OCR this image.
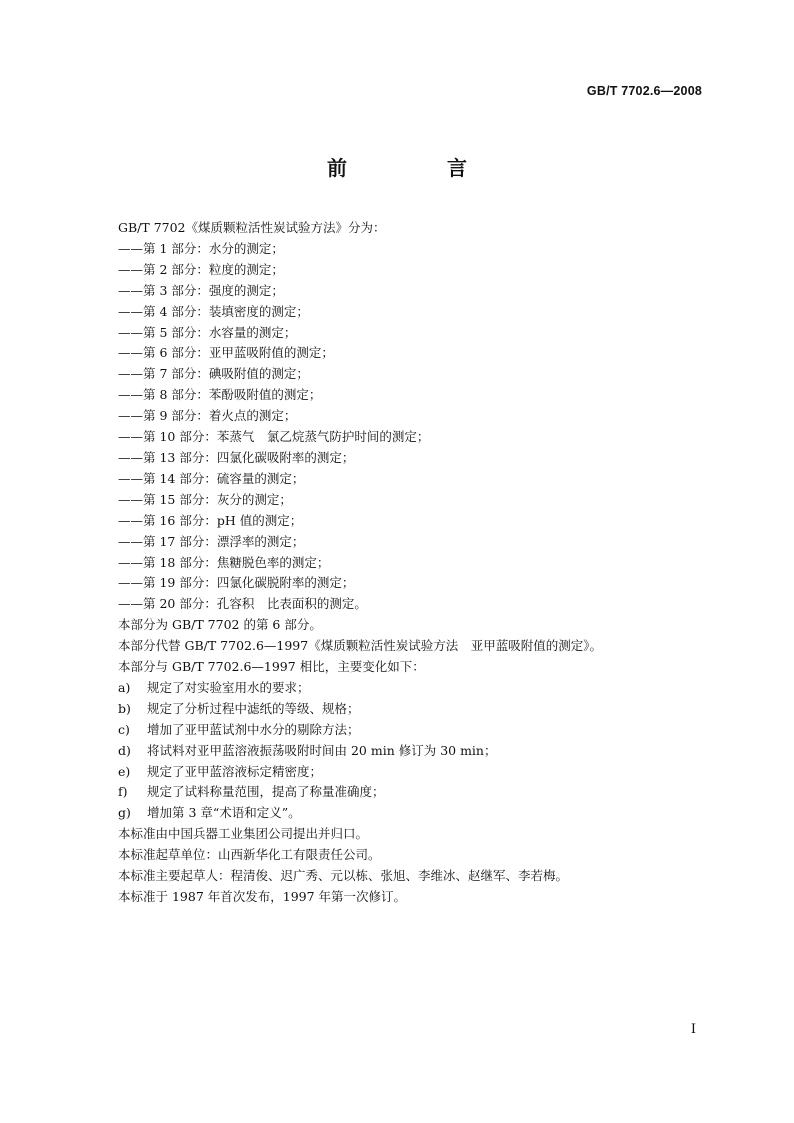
GB/T 7702.6—2008
前　言
GB/T 7702《煤质颗粒活性炭试验方法》分为：
——第 1 部分：水分的测定；
——第 2 部分：粒度的测定；
——第 3 部分：强度的测定；
——第 4 部分：装填密度的测定；
——第 5 部分：水容量的测定；
——第 6 部分：亚甲蓝吸附值的测定；
——第 7 部分：碘吸附值的测定；
——第 8 部分：苯酚吸附值的测定；
——第 9 部分：着火点的测定；
——第 10 部分：苯蒸气　氯乙烷蒸气防护时间的测定；
——第 13 部分：四氯化碳吸附率的测定；
——第 14 部分：硫容量的测定；
——第 15 部分：灰分的测定；
——第 16 部分：pH 值的测定；
——第 17 部分：漂浮率的测定；
——第 18 部分：焦糖脱色率的测定；
——第 19 部分：四氯化碳脱附率的测定；
——第 20 部分：孔容积　比表面积的测定。
本部分为 GB/T 7702 的第 6 部分。
本部分代替 GB/T 7702.6—1997《煤质颗粒活性炭试验方法　亚甲蓝吸附值的测定》。
本部分与 GB/T 7702.6—1997 相比，主要变化如下：
a) 规定了对实验室用水的要求；
b) 规定了分析过程中滤纸的等级、规格；
c) 增加了亚甲蓝试剂中水分的剔除方法；
d) 将试料对亚甲蓝溶液振荡吸附时间由 20 min 修订为 30 min；
e) 规定了亚甲蓝溶液标定精密度；
f) 规定了试料称量范围，提高了称量准确度；
g) 增加第 3 章“术语和定义”。
本标准由中国兵器工业集团公司提出并归口。
本标准起草单位：山西新华化工有限责任公司。
本标准主要起草人：程清俊、迟广秀、元以栋、张旭、李维冰、赵继军、李若梅。
本标准于 1987 年首次发布，1997 年第一次修订。
I
